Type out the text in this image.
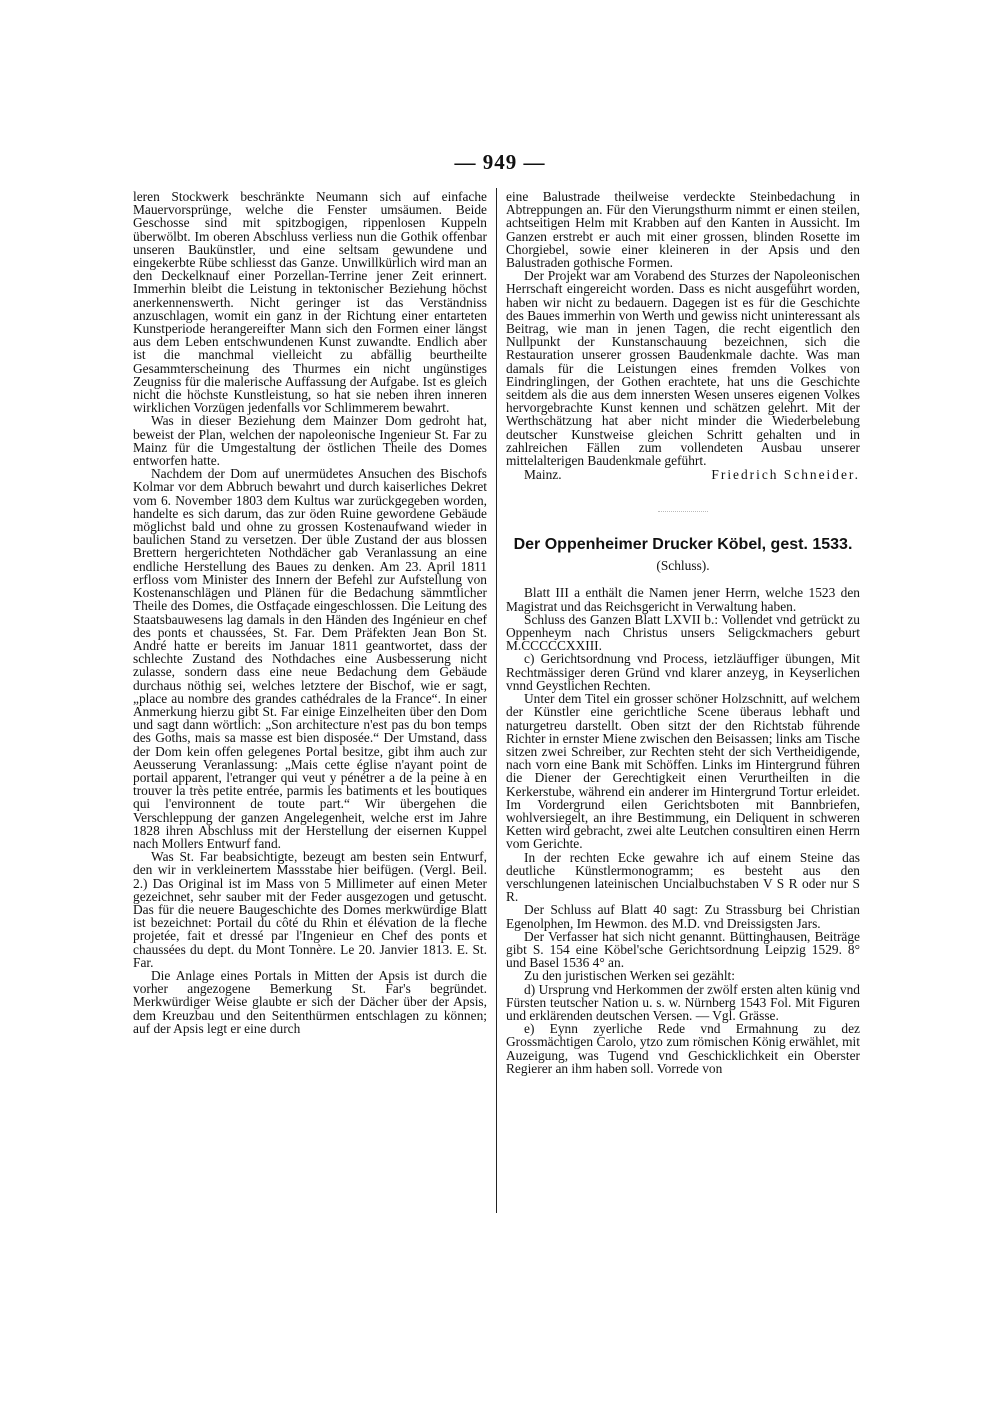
— 949 —

leren Stockwerk beschränkte Neumann sich auf einfache Mauervorsprünge, welche die Fenster umsäumen. Beide Geschosse sind mit spitzbogigen, rippenlosen Kuppeln überwölbt. Im oberen Abschluss verliess nun die Gothik offenbar unseren Baukünstler, und eine seltsam gewundene und eingekerbte Rübe schliesst das Ganze. Unwillkürlich wird man an den Deckelknauf einer Porzellan-Terrine jener Zeit erinnert. Immerhin bleibt die Leistung in tektonischer Beziehung höchst anerkennenswerth. Nicht geringer ist das Verständniss anzuschlagen, womit ein ganz in der Richtung einer entarteten Kunstperiode herangereifter Mann sich den Formen einer längst aus dem Leben entschwundenen Kunst zuwandte. Endlich aber ist die manchmal vielleicht zu abfällig beurtheilte Gesammterscheinung des Thurmes ein nicht ungünstiges Zeugniss für die malerische Auffassung der Aufgabe. Ist es gleich nicht die höchste Kunstleistung, so hat sie neben ihren inneren wirklichen Vorzügen jedenfalls vor Schlimmerem bewahrt.

Was in dieser Beziehung dem Mainzer Dom gedroht hat, beweist der Plan, welchen der napoleonische Ingenieur St. Far zu Mainz für die Umgestaltung der östlichen Theile des Domes entworfen hatte.

Nachdem der Dom auf unermüdetes Ansuchen des Bischofs Kolmar vor dem Abbruch bewahrt und durch kaiserliches Dekret vom 6. November 1803 dem Kultus war zurückgegeben worden, handelte es sich darum, das zur öden Ruine gewordene Gebäude möglichst bald und ohne zu grossen Kostenaufwand wieder in baulichen Stand zu versetzen. Der üble Zustand der aus blossen Brettern hergerichteten Nothdächer gab Veranlassung an eine endliche Herstellung des Baues zu denken. Am 23. April 1811 erfloss vom Minister des Innern der Befehl zur Aufstellung von Kostenanschlägen und Plänen für die Bedachung sämmtlicher Theile des Domes, die Ostfaçade eingeschlossen. Die Leitung des Staatsbauwesens lag damals in den Händen des Ingénieur en chef des ponts et chaussées, St. Far. Dem Präfekten Jean Bon St. André hatte er bereits im Januar 1811 geantwortet, dass der schlechte Zustand des Nothdaches eine Ausbesserung nicht zulasse, sondern dass eine neue Bedachung dem Gebäude durchaus nöthig sei, welches letztere der Bischof, wie er sagt, „place au nombre des grandes cathédrales de la France“. In einer Anmerkung hierzu gibt St. Far einige Einzelheiten über den Dom und sagt dann wörtlich: „Son architecture n'est pas du bon temps des Goths, mais sa masse est bien disposée.“ Der Umstand, dass der Dom kein offen gelegenes Portal besitze, gibt ihm auch zur Aeusserung Veranlassung: „Mais cette église n'ayant point de portail apparent, l'etranger qui veut y pénétrer a de la peine à en trouver la très petite entrée, parmis les batiments et les boutiques qui l'environnent de toute part.“ Wir übergehen die Verschleppung der ganzen Angelegenheit, welche erst im Jahre 1828 ihren Abschluss mit der Herstellung der eisernen Kuppel nach Mollers Entwurf fand.

Was St. Far beabsichtigte, bezeugt am besten sein Entwurf, den wir in verkleinertem Massstabe hier beifügen. (Vergl. Beil. 2.) Das Original ist im Mass von 5 Millimeter auf einen Meter gezeichnet, sehr sauber mit der Feder ausgezogen und getuscht. Das für die neuere Baugeschichte des Domes merkwürdige Blatt ist bezeichnet: Portail du côté du Rhin et élévation de la fleche projetée, fait et dressé par l'Ingenieur en Chef des ponts et chaussées du dept. du Mont Tonnère. Le 20. Janvier 1813. E. St. Far.

Die Anlage eines Portals in Mitten der Apsis ist durch die vorher angezogene Bemerkung St. Far's begründet. Merkwürdiger Weise glaubte er sich der Dächer über der Apsis, dem Kreuzbau und den Seitenthürmen entschlagen zu können; auf der Apsis legt er eine durch

eine Balustrade theilweise verdeckte Steinbedachung in Abtreppungen an. Für den Vierungsthurm nimmt er einen steilen, achtseitigen Helm mit Krabben auf den Kanten in Aussicht. Im Ganzen erstrebt er auch mit einer grossen, blinden Rosette im Chorgiebel, sowie einer kleineren in der Apsis und den Balustraden gothische Formen.

Der Projekt war am Vorabend des Sturzes der Napoleonischen Herrschaft eingereicht worden. Dass es nicht ausgeführt worden, haben wir nicht zu bedauern. Dagegen ist es für die Geschichte des Baues immerhin von Werth und gewiss nicht uninteressant als Beitrag, wie man in jenen Tagen, die recht eigentlich den Nullpunkt der Kunstanschauung bezeichnen, sich die Restauration unserer grossen Baudenkmale dachte. Was man damals für die Leistungen eines fremden Volkes von Eindringlingen, der Gothen erachtete, hat uns die Geschichte seitdem als die aus dem innersten Wesen unseres eigenen Volkes hervorgebrachte Kunst kennen und schätzen gelehrt. Mit der Werthschätzung hat aber nicht minder die Wiederbelebung deutscher Kunstweise gleichen Schritt gehalten und in zahlreichen Fällen zum vollendeten Ausbau unserer mittelalterigen Baudenkmale geführt.

Mainz.	Friedrich Schneider.
Der Oppenheimer Drucker Köbel, gest. 1533.
(Schluss).

Blatt III a enthält die Namen jener Herrn, welche 1523 den Magistrat und das Reichsgericht in Verwaltung haben.

Schluss des Ganzen Blatt LXVII b.: Vollendet vnd getrückt zu Oppenheym nach Christus unsers Seligckmachers geburt M.CCCCCXXIII.

c) Gerichtsordnung vnd Process, ietzläuffiger übungen, Mit Rechtmässiger deren Gründ vnd klarer anzeyg, in Keyserlichen vnnd Geystlichen Rechten.

Unter dem Titel ein grosser schöner Holzschnitt, auf welchem der Künstler eine gerichtliche Scene überaus lebhaft und naturgetreu darstellt. Oben sitzt der den Richtstab führende Richter in ernster Miene zwischen den Beisassen; links am Tische sitzen zwei Schreiber, zur Rechten steht der sich Vertheidigende, nach vorn eine Bank mit Schöffen. Links im Hintergrund führen die Diener der Gerechtigkeit einen Verurtheilten in die Kerkerstube, während ein anderer im Hintergrund Tortur erleidet. Im Vordergrund eilen Gerichtsboten mit Bannbriefen, wohlversiegelt, an ihre Bestimmung, ein Deliquent in schweren Ketten wird gebracht, zwei alte Leutchen consultiren einen Herrn vom Gerichte.

In der rechten Ecke gewahre ich auf einem Steine das deutliche Künstlermonogramm; es besteht aus den verschlungenen lateinischen Uncialbuchstaben V S R oder nur S R.

Der Schluss auf Blatt 40 sagt: Zu Strassburg bei Christian Egenolphen, Im Hewmon. des M.D. vnd Dreissigsten Jars.

Der Verfasser hat sich nicht genannt. Büttinghausen, Beiträge gibt S. 154 eine Köbel'sche Gerichtsordnung Leipzig 1529. 8° und Basel 1536 4° an.

Zu den juristischen Werken sei gezählt:

d) Ursprung vnd Herkommen der zwölf ersten alten künig vnd Fürsten teutscher Nation u. s. w. Nürnberg 1543 Fol. Mit Figuren und erklärenden deutschen Versen. — Vgl. Grässe.

e) Eynn zyerliche Rede vnd Ermahnung zu dez Grossmächtigen Carolo, ytzo zum römischen König erwählet, mit Auzeigung, was Tugend vnd Geschicklichkeit ein Oberster Regierer an ihm haben soll. Vorrede von
